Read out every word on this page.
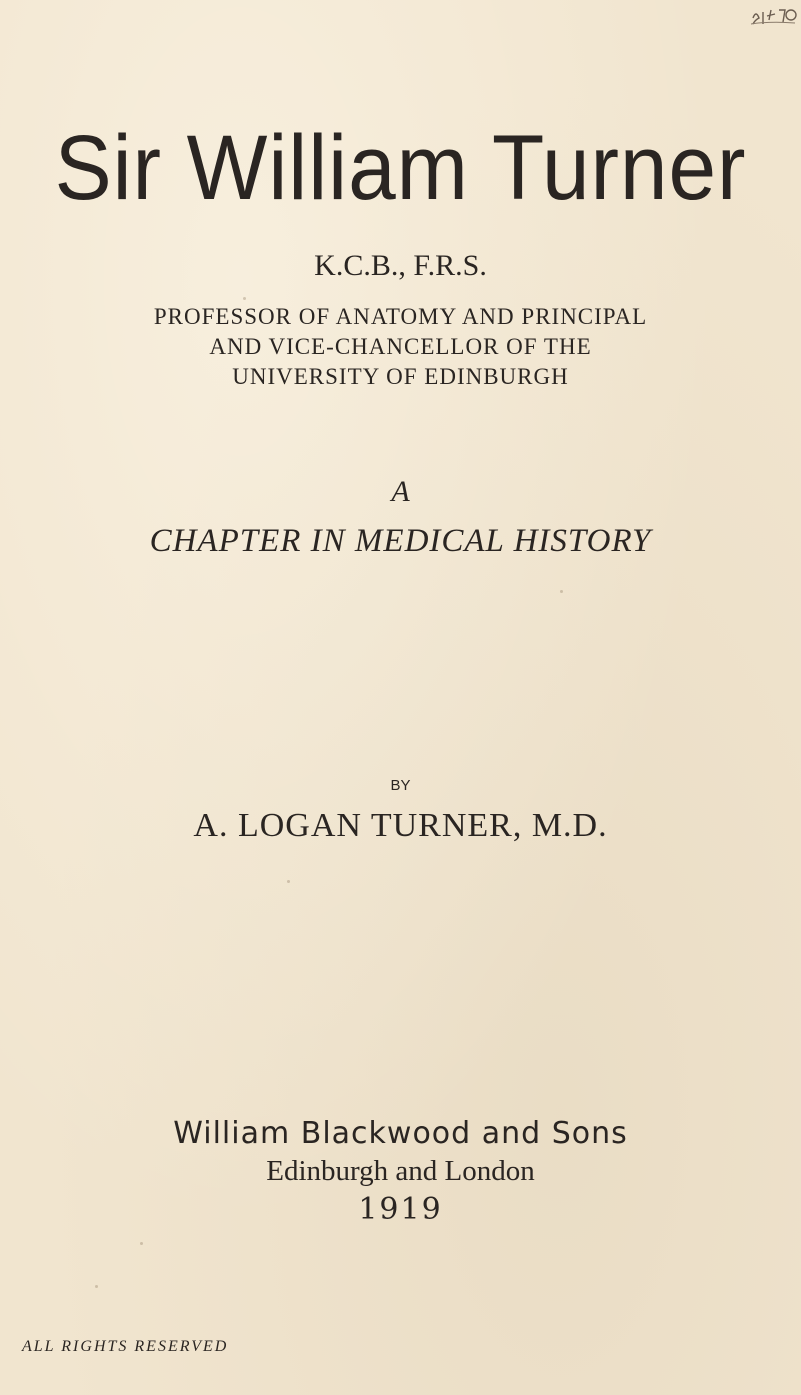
Sir William Turner
K.C.B., F.R.S.
PROFESSOR OF ANATOMY AND PRINCIPAL
AND VICE-CHANCELLOR OF THE
UNIVERSITY OF EDINBURGH
A
CHAPTER IN MEDICAL HISTORY
BY
A. LOGAN TURNER, M.D.
William Blackwood and Sons
Edinburgh and London
1919
ALL RIGHTS RESERVED
